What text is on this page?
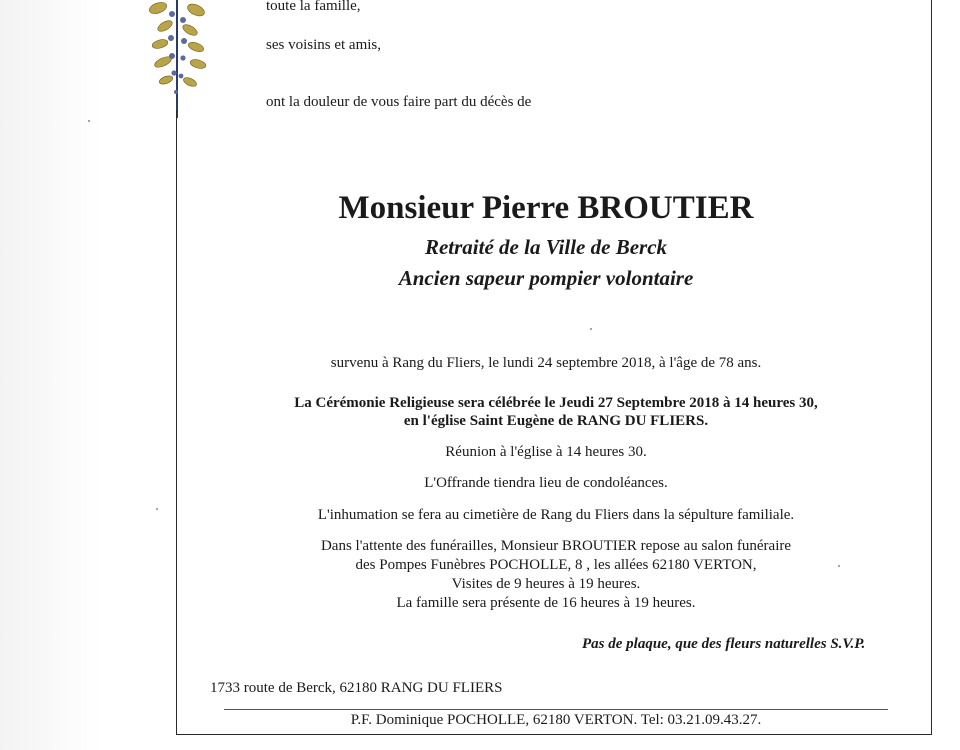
toute la famille,
ses voisins et amis,
ont la douleur de vous faire part du décès de
Monsieur Pierre BROUTIER
Retraité de la Ville de Berck
Ancien sapeur pompier volontaire
survenu à Rang du Fliers, le lundi 24 septembre 2018, à l'âge de 78 ans.
La Cérémonie Religieuse sera célébrée le Jeudi 27 Septembre 2018 à 14 heures 30,
en l'église Saint Eugène de RANG DU FLIERS.
Réunion à l'église à 14 heures 30.
L'Offrande tiendra lieu de condoléances.
L'inhumation se fera au cimetière de Rang du Fliers dans la sépulture familiale.
Dans l'attente des funérailles, Monsieur BROUTIER repose au salon funéraire
des Pompes Funèbres POCHOLLE, 8 , les allées 62180 VERTON,
Visites de 9 heures à 19 heures.
La famille sera présente de 16 heures à 19 heures.
Pas de plaque, que des fleurs naturelles S.V.P.
1733 route de Berck, 62180 RANG DU FLIERS
P.F. Dominique POCHOLLE, 62180 VERTON. Tel: 03.21.09.43.27.
